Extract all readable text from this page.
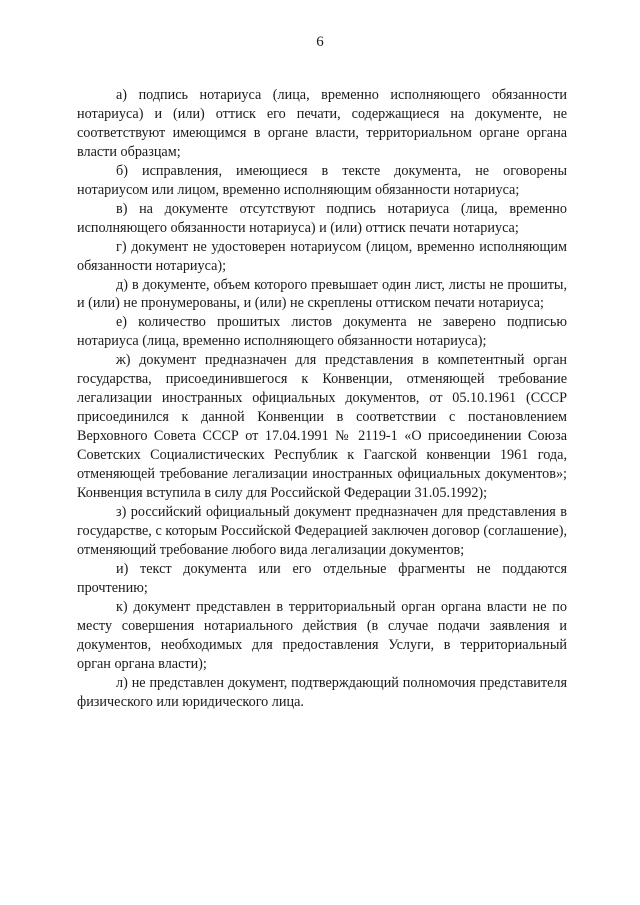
6

а) подпись нотариуса (лица, временно исполняющего обязанности нотариуса) и (или) оттиск его печати, содержащиеся на документе, не соответствуют имеющимся в органе власти, территориальном органе органа власти образцам;

б) исправления, имеющиеся в тексте документа, не оговорены нотариусом или лицом, временно исполняющим обязанности нотариуса;

в) на документе отсутствуют подпись нотариуса (лица, временно исполняющего обязанности нотариуса) и (или) оттиск печати нотариуса;

г) документ не удостоверен нотариусом (лицом, временно исполняющим обязанности нотариуса);

д) в документе, объем которого превышает один лист, листы не прошиты, и (или) не пронумерованы, и (или) не скреплены оттиском печати нотариуса;

е) количество прошитых листов документа не заверено подписью нотариуса (лица, временно исполняющего обязанности нотариуса);

ж) документ предназначен для представления в компетентный орган государства, присоединившегося к Конвенции, отменяющей требование легализации иностранных официальных документов, от 05.10.1961 (СССР присоединился к данной Конвенции в соответствии с постановлением Верховного Совета СССР от 17.04.1991 № 2119-1 «О присоединении Союза Советских Социалистических Республик к Гаагской конвенции 1961 года, отменяющей требование легализации иностранных официальных документов»; Конвенция вступила в силу для Российской Федерации 31.05.1992);

з) российский официальный документ предназначен для представления в государстве, с которым Российской Федерацией заключен договор (соглашение), отменяющий требование любого вида легализации документов;

и) текст документа или его отдельные фрагменты не поддаются прочтению;

к) документ представлен в территориальный орган органа власти не по месту совершения нотариального действия (в случае подачи заявления и документов, необходимых для предоставления Услуги, в территориальный орган органа власти);

л) не представлен документ, подтверждающий полномочия представителя физического или юридического лица.
